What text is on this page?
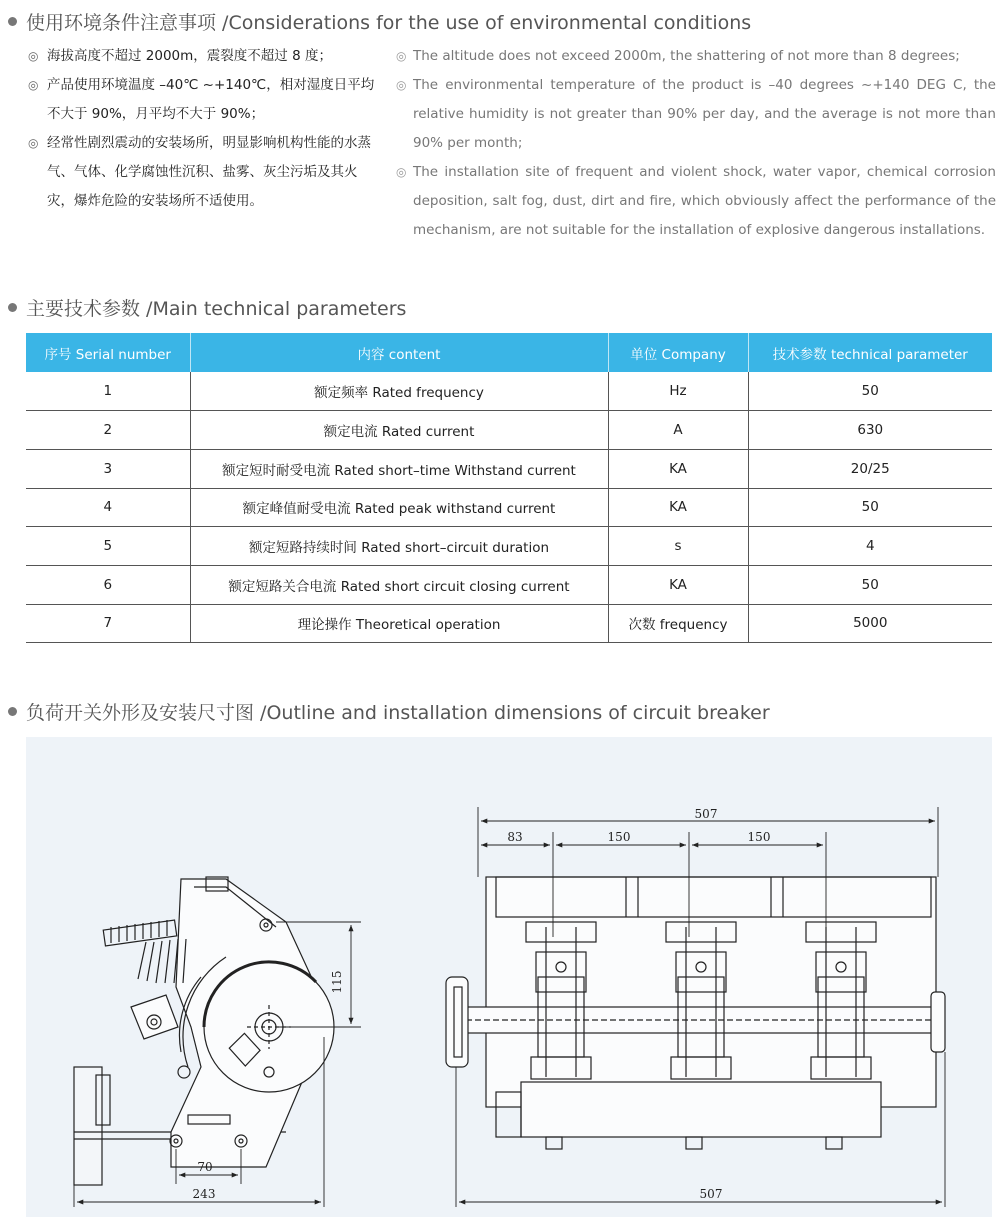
使用环境条件注意事项 /Considerations for the use of environmental conditions
◎ 海拔高度不超过 2000m，震裂度不超过 8 度；
◎ 产品使用环境温度 –40℃ ~+140℃，相对湿度日平均不大于 90%，月平均不大于 90%；
◎ 经常性剧烈震动的安装场所，明显影响机构性能的水蒸气、气体、化学腐蚀性沉积、盐雾、灰尘污垢及其火灾，爆炸危险的安装场所不适使用。
◎ The altitude does not exceed 2000m, the shattering of not more than 8 degrees;
◎ The environmental temperature of the product is –40 degrees ~+140 DEG C, the relative humidity is not greater than 90% per day, and the average is not more than 90% per month;
◎ The installation site of frequent and violent shock, water vapor, chemical corrosion deposition, salt fog, dust, dirt and fire, which obviously affect the performance of the mechanism, are not suitable for the installation of explosive dangerous installations.
主要技术参数 /Main technical parameters
序号 Serial number	内容 content	单位 Company	技术参数 technical parameter
1	额定频率 Rated frequency	Hz	50
2	额定电流 Rated current	A	630
3	额定短时耐受电流 Rated short–time Withstand current	KA	20/25
4	额定峰值耐受电流 Rated peak withstand current	KA	50
5	额定短路持续时间 Rated short–circuit duration	s	4
6	额定短路关合电流 Rated short circuit closing current	KA	50
7	理论操作 Theoretical operation	次数 frequency	5000
负荷开关外形及安装尺寸图 /Outline and installation dimensions of circuit breaker
115
70
243
507
83	150	150
507
